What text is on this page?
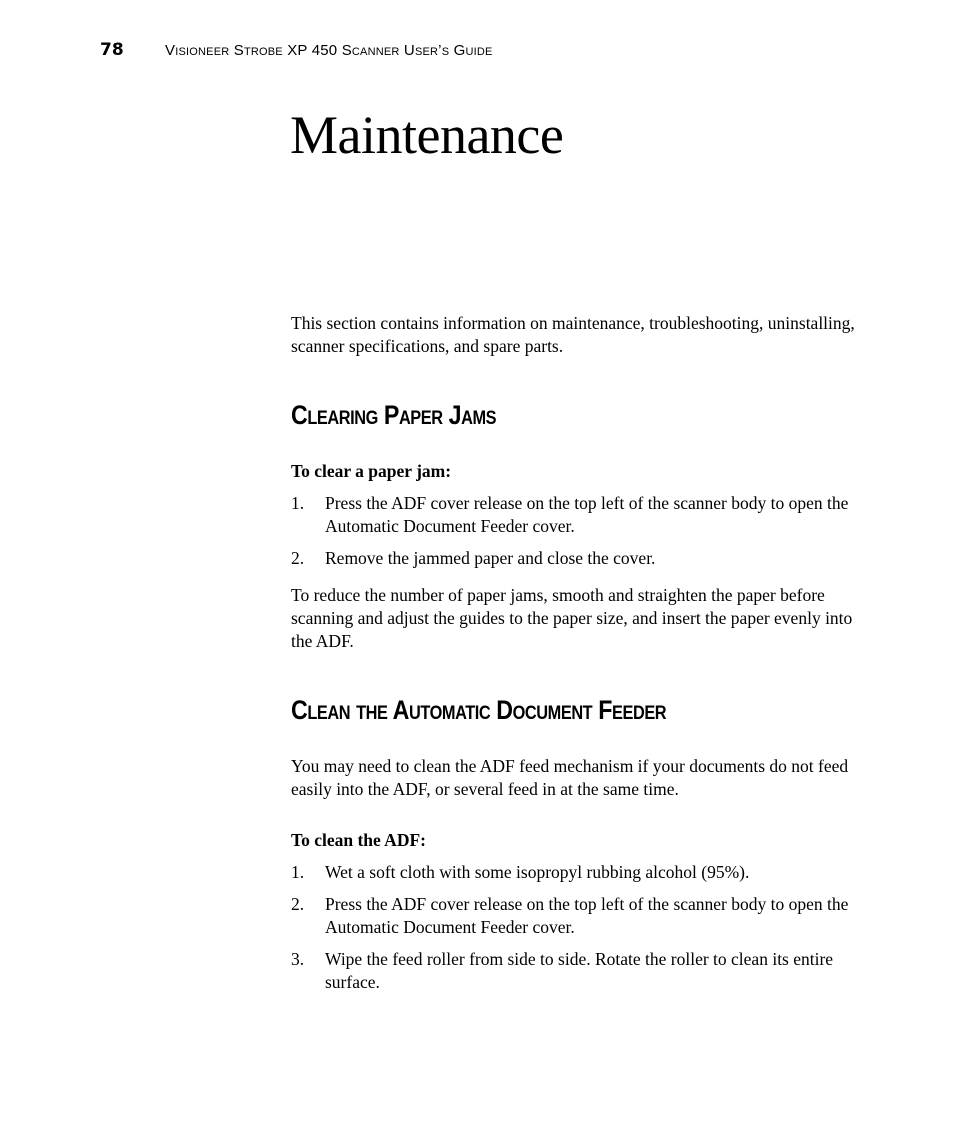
78	Visioneer Strobe XP 450 Scanner User’s Guide
Maintenance

This section contains information on maintenance, troubleshooting, uninstalling, scanner specifications, and spare parts.

Clearing Paper Jams

To clear a paper jam:

1.	Press the ADF cover release on the top left of the scanner body to open the Automatic Document Feeder cover.
2.	Remove the jammed paper and close the cover.

To reduce the number of paper jams, smooth and straighten the paper before scanning and adjust the guides to the paper size, and insert the paper evenly into the ADF.

Clean the Automatic Document Feeder

You may need to clean the ADF feed mechanism if your documents do not feed easily into the ADF, or several feed in at the same time.

To clean the ADF:

1.	Wet a soft cloth with some isopropyl rubbing alcohol (95%).
2.	Press the ADF cover release on the top left of the scanner body to open the Automatic Document Feeder cover.
3.	Wipe the feed roller from side to side. Rotate the roller to clean its entire surface.
